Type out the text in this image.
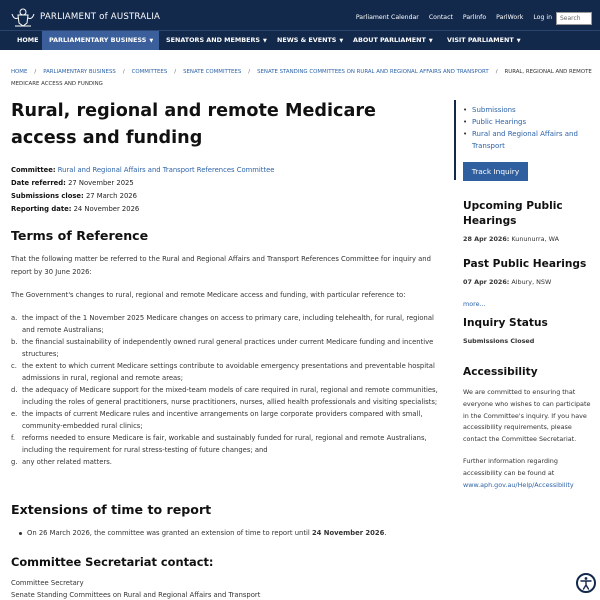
PARLIAMENT of AUSTRALIA	Parliament Calendar Contact ParlInfo ParlWork Log in	Search
HOME	PARLIAMENTARY BUSINESS ▼	SENATORS AND MEMBERS ▼ NEWS & EVENTS ▼ ABOUT PARLIAMENT ▼ VISIT PARLIAMENT ▼
HOME / PARLIAMENTARY BUSINESS / COMMITTEES / SENATE COMMITTEES / SENATE STANDING COMMITTEES ON RURAL AND REGIONAL AFFAIRS AND TRANSPORT / RURAL, REGIONAL AND REMOTE
MEDICARE ACCESS AND FUNDING
Rural, regional and remote Medicare access and funding
Committee: Rural and Regional Affairs and Transport References Committee
Date referred: 27 November 2025
Submissions close: 27 March 2026
Reporting date: 24 November 2026
Terms of Reference

That the following matter be referred to the Rural and Regional Affairs and Transport References Committee for inquiry and report by 30 June 2026:

The Government's changes to rural, regional and remote Medicare access and funding, with particular reference to:

a. the impact of the 1 November 2025 Medicare changes on access to primary care, including telehealth, for rural, regional and remote Australians;
b. the financial sustainability of independently owned rural general practices under current Medicare funding and incentive structures;
c. the extent to which current Medicare settings contribute to avoidable emergency presentations and preventable hospital admissions in rural, regional and remote areas;
d. the adequacy of Medicare support for the mixed-team models of care required in rural, regional and remote communities, including the roles of general practitioners, nurse practitioners, nurses, allied health professionals and visiting specialists;
e. the impacts of current Medicare rules and incentive arrangements on large corporate providers compared with small, community-embedded rural clinics;
f. reforms needed to ensure Medicare is fair, workable and sustainably funded for rural, regional and remote Australians, including the requirement for rural stress-testing of future changes; and
g. any other related matters.
Extensions of time to report
On 26 March 2026, the committee was granted an extension of time to report until 24 November 2026.
Committee Secretariat contact:

Committee Secretary

Senate Standing Committees on Rural and Regional Affairs and Transport

• Submissions
• Public Hearings
• Rural and Regional Affairs and Transport
Track Inquiry
Upcoming Public Hearings
28 Apr 2026: Kununurra, WA
Past Public Hearings
07 Apr 2026: Albury, NSW
more...
Inquiry Status
Submissions Closed
Accessibility

We are committed to ensuring that everyone who wishes to can participate in the Committee's inquiry. If you have accessibility requirements, please contact the Committee Secretariat.

Further information regarding accessibility can be found at

www.aph.gov.au/Help/Accessibility
